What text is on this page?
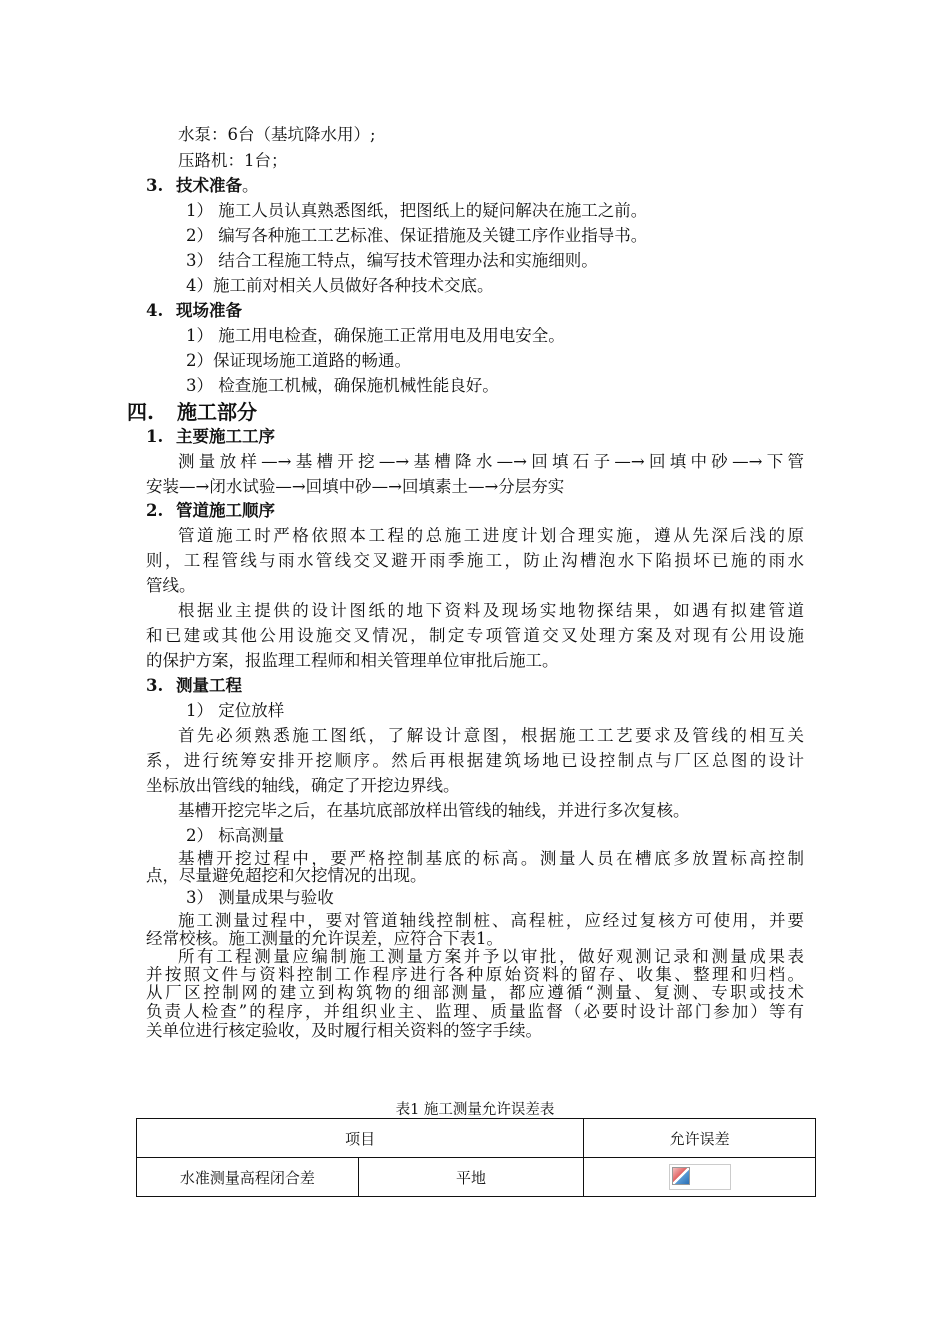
水泵：6台（基坑降水用）;
压路机：1台；
3. 技术准备。
1） 施工人员认真熟悉图纸，把图纸上的疑问解决在施工之前。
2） 编写各种施工工艺标准、保证措施及关键工序作业指导书。
3） 结合工程施工特点，编写技术管理办法和实施细则。
4）施工前对相关人员做好各种技术交底。
4. 现场准备
1） 施工用电检查，确保施工正常用电及用电安全。
2）保证现场施工道路的畅通。
3） 检查施工机械，确保施机械性能良好。
四. 施工部分
1. 主要施工工序
测量放样—→基槽开挖—→基槽降水—→回填石子—→回填中砂—→下管
安装—→闭水试验—→回填中砂—→回填素土—→分层夯实
2. 管道施工顺序
管道施工时严格依照本工程的总施工进度计划合理实施，遵从先深后浅的原
则，工程管线与雨水管线交叉避开雨季施工，防止沟槽泡水下陷损坏已施的雨水
管线。
根据业主提供的设计图纸的地下资料及现场实地物探结果，如遇有拟建管道
和已建或其他公用设施交叉情况，制定专项管道交叉处理方案及对现有公用设施
的保护方案，报监理工程师和相关管理单位审批后施工。
3. 测量工程
1） 定位放样
首先必须熟悉施工图纸，了解设计意图，根据施工工艺要求及管线的相互关
系，进行统筹安排开挖顺序。然后再根据建筑场地已设控制点与厂区总图的设计
坐标放出管线的轴线，确定了开挖边界线。
基槽开挖完毕之后，在基坑底部放样出管线的轴线，并进行多次复核。
2） 标高测量
基槽开挖过程中，要严格控制基底的标高。测量人员在槽底多放置标高控制
点，尽量避免超挖和欠挖情况的出现。
3） 测量成果与验收
施工测量过程中，要对管道轴线控制桩、高程桩，应经过复核方可使用，并要
经常校核。施工测量的允许误差，应符合下表1。
所有工程测量应编制施工测量方案并予以审批，做好观测记录和测量成果表
并按照文件与资料控制工作程序进行各种原始资料的留存、收集、整理和归档。
从厂区控制网的建立到构筑物的细部测量，都应遵循“测量、复测、专职或技术
负责人检查”的程序，并组织业主、监理、质量监督（必要时设计部门参加）等有
关单位进行核定验收，及时履行相关资料的签字手续。
表1 施工测量允许误差表
项目		允许误差
水准测量高程闭合差	平地	
